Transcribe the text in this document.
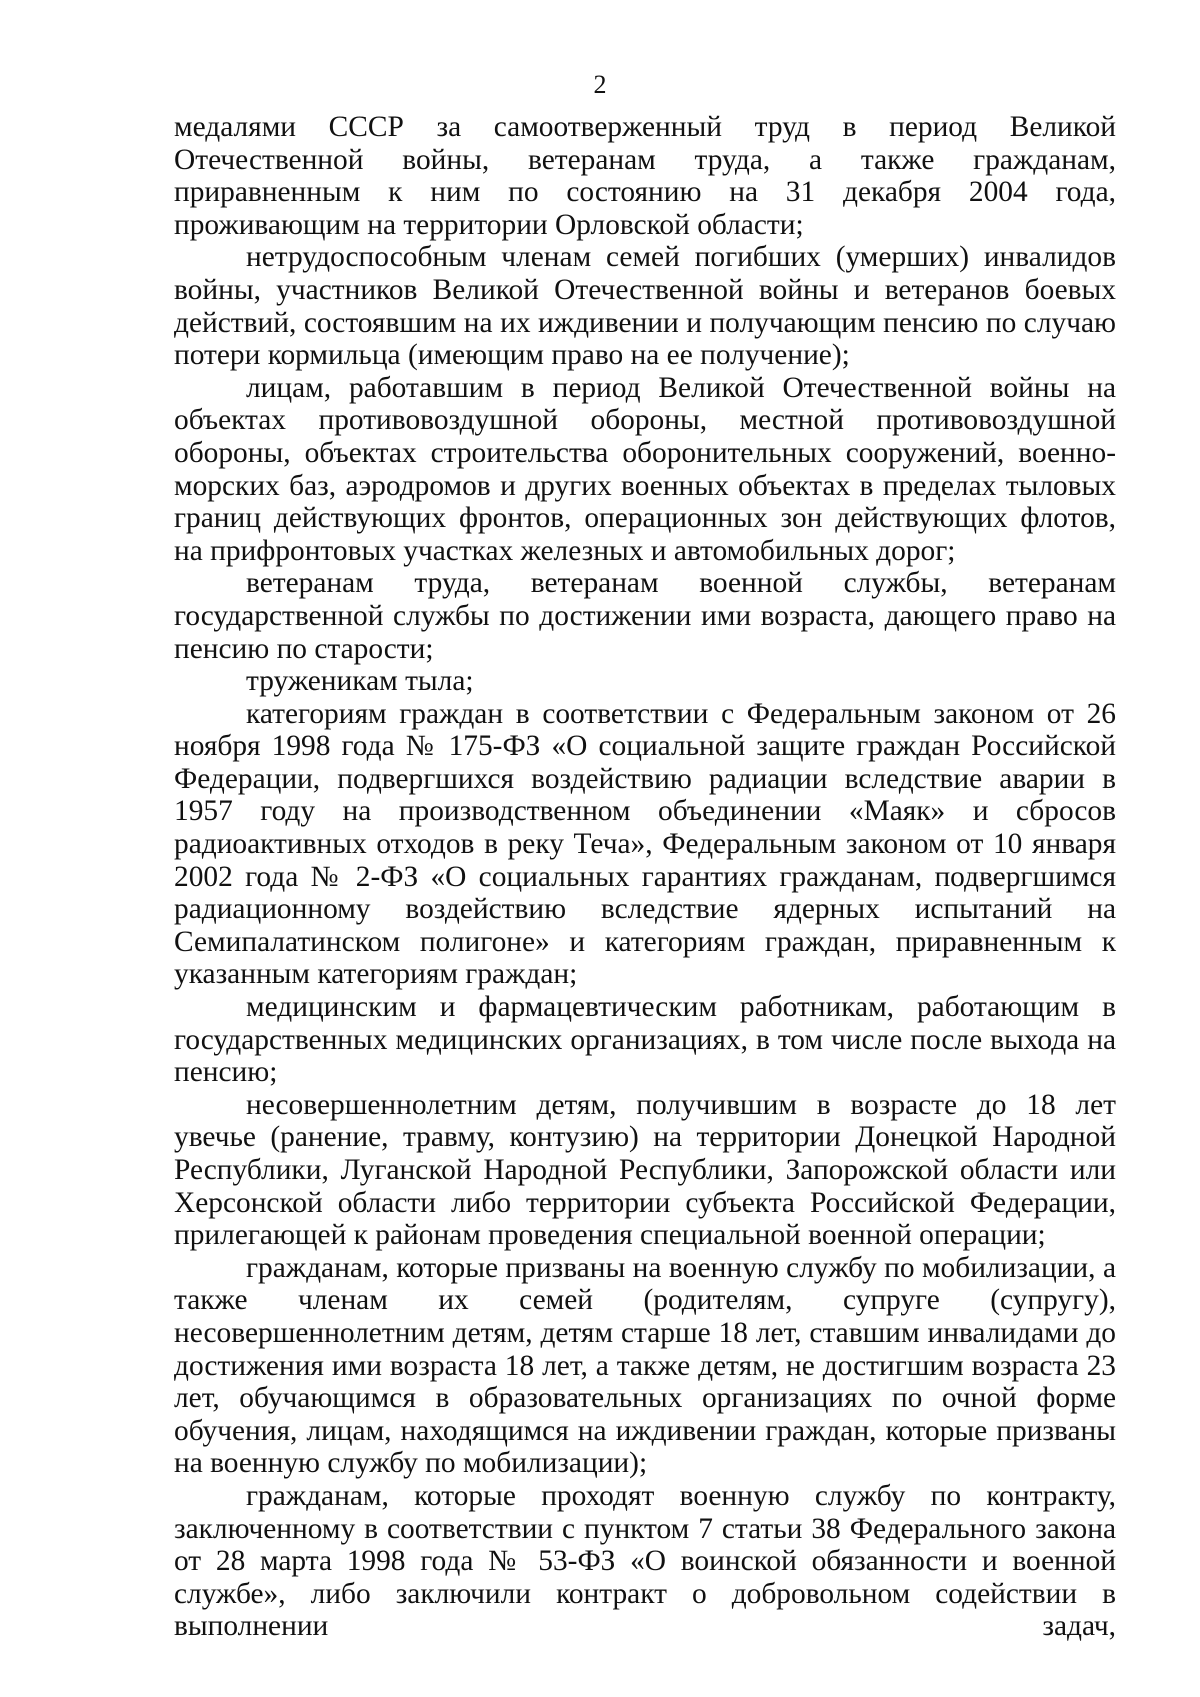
2

медалями СССР за самоотверженный труд в период Великой Отечественной войны, ветеранам труда, а также гражданам, приравненным к ним по состоянию на 31 декабря 2004 года, проживающим на территории Орловской области;

нетрудоспособным членам семей погибших (умерших) инвалидов войны, участников Великой Отечественной войны и ветеранов боевых действий, состоявшим на их иждивении и получающим пенсию по случаю потери кормильца (имеющим право на ее получение);

лицам, работавшим в период Великой Отечественной войны на объектах противовоздушной обороны, местной противовоздушной обороны, объектах строительства оборонительных сооружений, военно-морских баз, аэродромов и других военных объектах в пределах тыловых границ действующих фронтов, операционных зон действующих флотов, на прифронтовых участках железных и автомобильных дорог;

ветеранам труда, ветеранам военной службы, ветеранам государственной службы по достижении ими возраста, дающего право на пенсию по старости;

труженикам тыла;

категориям граждан в соответствии с Федеральным законом от 26 ноября 1998 года № 175-ФЗ «О социальной защите граждан Российской Федерации, подвергшихся воздействию радиации вследствие аварии в 1957 году на производственном объединении «Маяк» и сбросов радиоактивных отходов в реку Теча», Федеральным законом от 10 января 2002 года № 2-ФЗ «О социальных гарантиях гражданам, подвергшимся радиационному воздействию вследствие ядерных испытаний на Семипалатинском полигоне» и категориям граждан, приравненным к указанным категориям граждан;

медицинским и фармацевтическим работникам, работающим в государственных медицинских организациях, в том числе после выхода на пенсию;

несовершеннолетним детям, получившим в возрасте до 18 лет увечье (ранение, травму, контузию) на территории Донецкой Народной Республики, Луганской Народной Республики, Запорожской области или Херсонской области либо территории субъекта Российской Федерации, прилегающей к районам проведения специальной военной операции;

гражданам, которые призваны на военную службу по мобилизации, а также членам их семей (родителям, супруге (супругу), несовершеннолетним детям, детям старше 18 лет, ставшим инвалидами до достижения ими возраста 18 лет, а также детям, не достигшим возраста 23 лет, обучающимся в образовательных организациях по очной форме обучения, лицам, находящимся на иждивении граждан, которые призваны на военную службу по мобилизации);

гражданам, которые проходят военную службу по контракту, заключенному в соответствии с пунктом 7 статьи 38 Федерального закона от 28 марта 1998 года № 53-ФЗ «О воинской обязанности и военной службе», либо заключили контракт о добровольном содействии в выполнении задач,
